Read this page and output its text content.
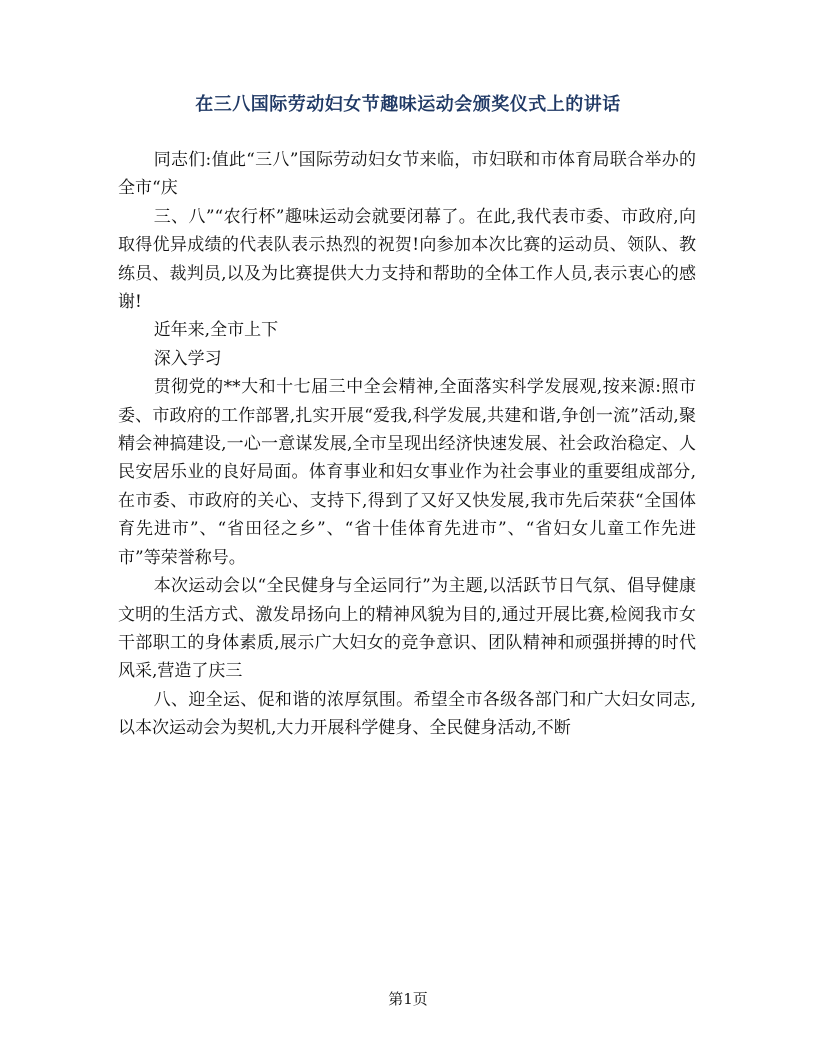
在三八国际劳动妇女节趣味运动会颁奖仪式上的讲话

同志们:值此“三八”国际劳动妇女节来临，市妇联和市体育局联合举办的全市“庆

三、八”“农行杯”趣味运动会就要闭幕了。在此,我代表市委、市政府,向取得优异成绩的代表队表示热烈的祝贺!向参加本次比赛的运动员、领队、教练员、裁判员,以及为比赛提供大力支持和帮助的全体工作人员,表示衷心的感谢!

近年来,全市上下

深入学习

贯彻党的**大和十七届三中全会精神,全面落实科学发展观,按来源:照市委、市政府的工作部署,扎实开展“爱我,科学发展,共建和谐,争创一流”活动,聚精会神搞建设,一心一意谋发展,全市呈现出经济快速发展、社会政治稳定、人民安居乐业的良好局面。体育事业和妇女事业作为社会事业的重要组成部分,在市委、市政府的关心、支持下,得到了又好又快发展,我市先后荣获“全国体育先进市”、“省田径之乡”、“省十佳体育先进市”、“省妇女儿童工作先进市”等荣誉称号。

本次运动会以“全民健身与全运同行”为主题,以活跃节日气氛、倡导健康文明的生活方式、激发昂扬向上的精神风貌为目的,通过开展比赛,检阅我市女干部职工的身体素质,展示广大妇女的竞争意识、团队精神和顽强拼搏的时代风采,营造了庆三

八、迎全运、促和谐的浓厚氛围。希望全市各级各部门和广大妇女同志,以本次运动会为契机,大力开展科学健身、全民健身活动,不断

第1页
